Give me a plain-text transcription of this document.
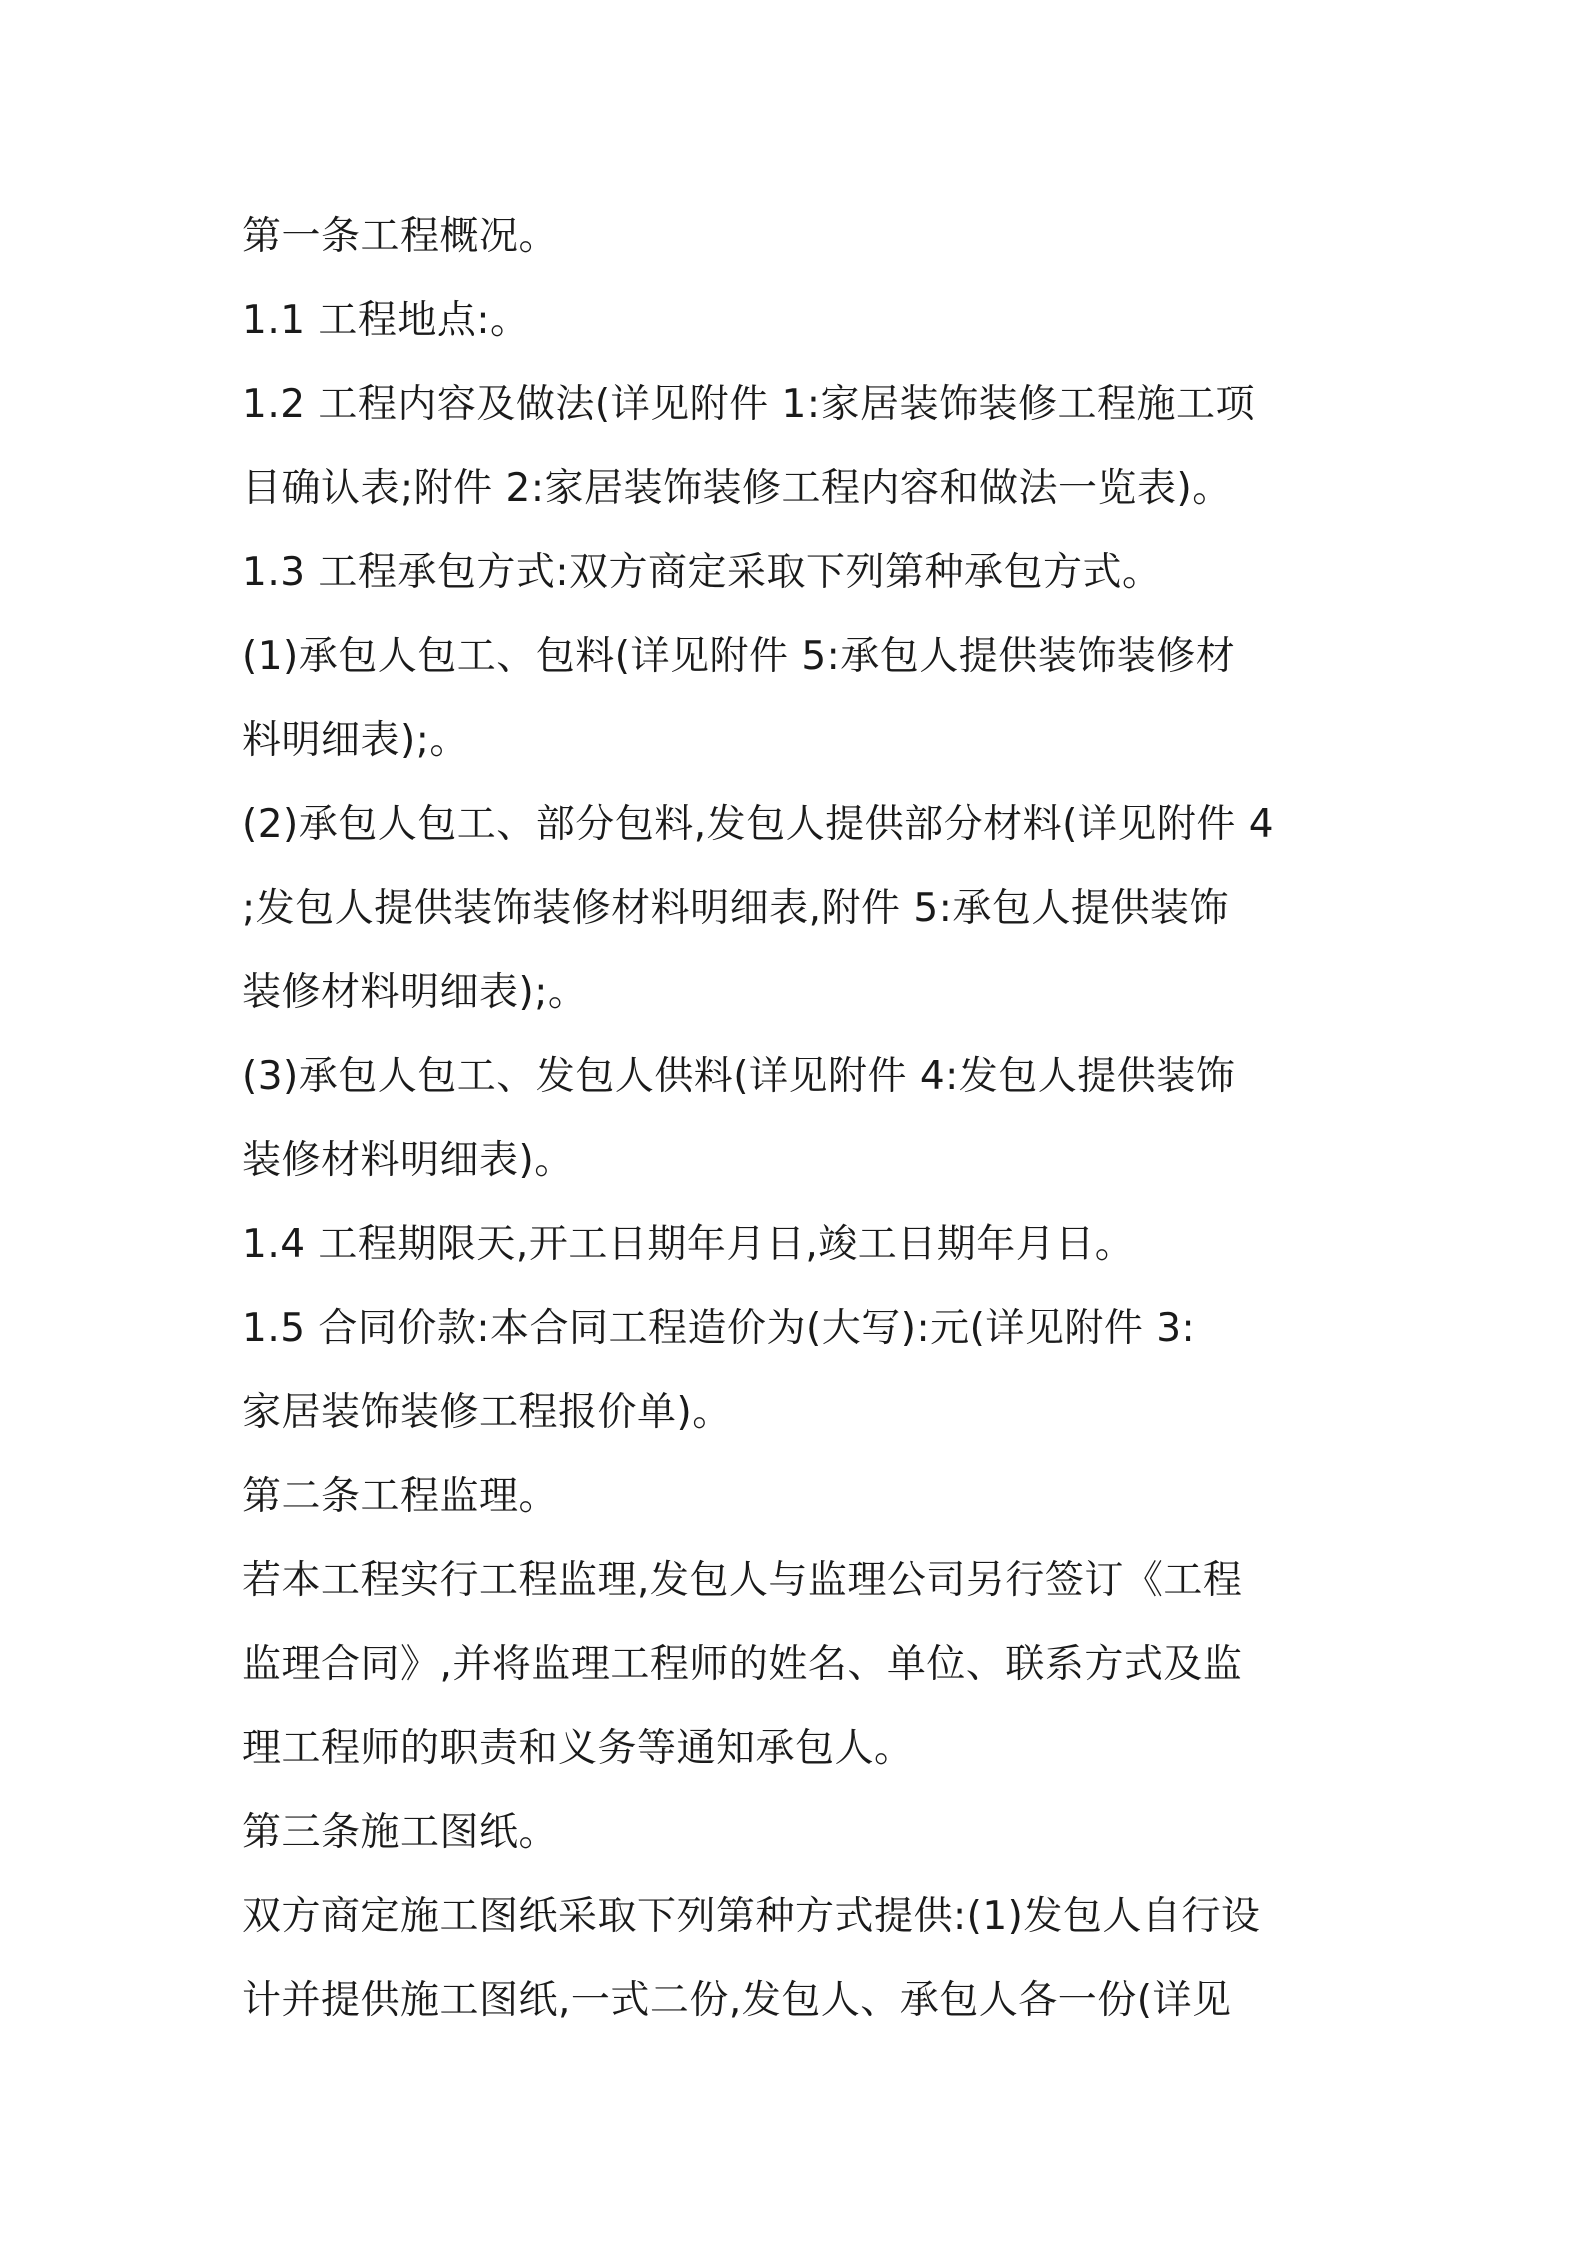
第一条工程概况。
1.1 工程地点:。
1.2 工程内容及做法(详见附件 1:家居装饰装修工程施工项
目确认表;附件 2:家居装饰装修工程内容和做法一览表)。
1.3 工程承包方式:双方商定采取下列第种承包方式。
(1)承包人包工、包料(详见附件 5:承包人提供装饰装修材
料明细表);。
(2)承包人包工、部分包料,发包人提供部分材料(详见附件 4
;发包人提供装饰装修材料明细表,附件 5:承包人提供装饰
装修材料明细表);。
(3)承包人包工、发包人供料(详见附件 4:发包人提供装饰
装修材料明细表)。
1.4 工程期限天,开工日期年月日,竣工日期年月日。
1.5 合同价款:本合同工程造价为(大写):元(详见附件 3:
家居装饰装修工程报价单)。
第二条工程监理。
若本工程实行工程监理,发包人与监理公司另行签订《工程
监理合同》,并将监理工程师的姓名、单位、联系方式及监
理工程师的职责和义务等通知承包人。
第三条施工图纸。
双方商定施工图纸采取下列第种方式提供:(1)发包人自行设
计并提供施工图纸,一式二份,发包人、承包人各一份(详见
